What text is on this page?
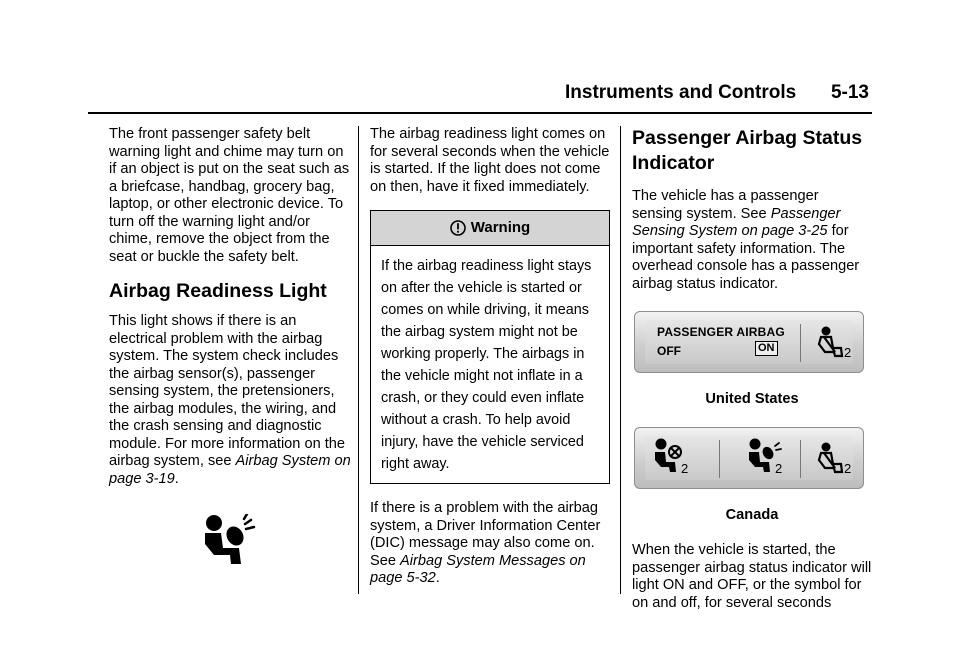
Instruments and Controls 5-13

The front passenger safety belt warning light and chime may turn on if an object is put on the seat such as a briefcase, handbag, grocery bag, laptop, or other electronic device. To turn off the warning light and/or chime, remove the object from the seat or buckle the safety belt.

Airbag Readiness Light

This light shows if there is an electrical problem with the airbag system. The system check includes the airbag sensor(s), passenger sensing system, the pretensioners, the airbag modules, the wiring, and the crash sensing and diagnostic module. For more information on the airbag system, see Airbag System on page 3-19.

The airbag readiness light comes on for several seconds when the vehicle is started. If the light does not come on then, have it fixed immediately.

Warning
If the airbag readiness light stays on after the vehicle is started or comes on while driving, it means the airbag system might not be working properly. The airbags in the vehicle might not inflate in a crash, or they could even inflate without a crash. To help avoid injury, have the vehicle serviced right away.

If there is a problem with the airbag system, a Driver Information Center (DIC) message may also come on. See Airbag System Messages on page 5-32.

Passenger Airbag Status Indicator

The vehicle has a passenger sensing system. See Passenger Sensing System on page 3-25 for important safety information. The overhead console has a passenger airbag status indicator.

PASSENGER AIRBAG
OFF	ON	2
United States
2	2	2
Canada

When the vehicle is started, the passenger airbag status indicator will light ON and OFF, or the symbol for on and off, for several seconds
